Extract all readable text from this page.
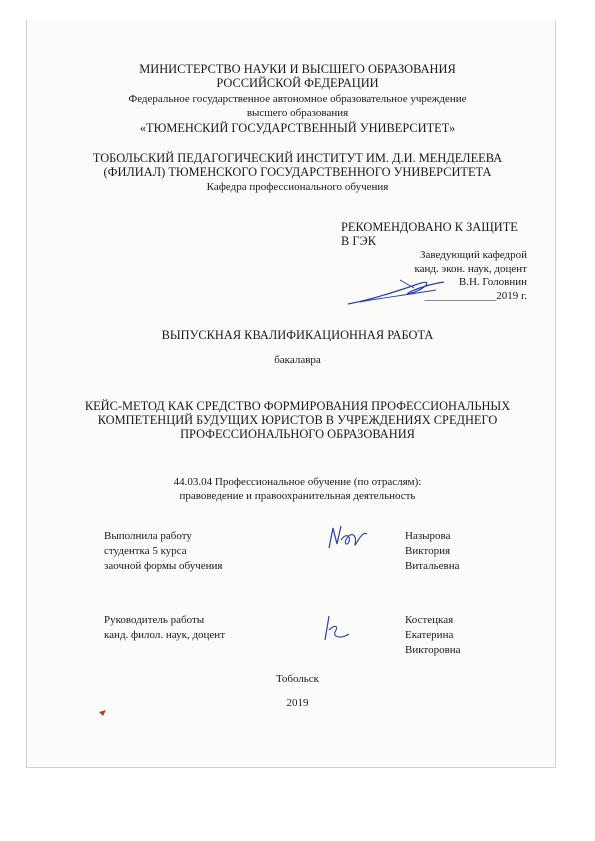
МИНИСТЕРСТВО НАУКИ И ВЫСШЕГО ОБРАЗОВАНИЯ
РОССИЙСКОЙ ФЕДЕРАЦИИ
Федеральное государственное автономное образовательное учреждение
высшего образования
«ТЮМЕНСКИЙ ГОСУДАРСТВЕННЫЙ УНИВЕРСИТЕТ»
ТОБОЛЬСКИЙ ПЕДАГОГИЧЕСКИЙ ИНСТИТУТ ИМ. Д.И. МЕНДЕЛЕЕВА
(ФИЛИАЛ) ТЮМЕНСКОГО ГОСУДАРСТВЕННОГО УНИВЕРСИТЕТА
Кафедра профессионального обучения
РЕКОМЕНДОВАНО К ЗАЩИТЕ
В ГЭК
Заведующий кафедрой
канд. экон. наук, доцент
В.Н. Головнин
_____________2019 г.
ВЫПУСКНАЯ КВАЛИФИКАЦИОННАЯ РАБОТА
бакалавра
КЕЙС-МЕТОД КАК СРЕДСТВО ФОРМИРОВАНИЯ ПРОФЕССИОНАЛЬНЫХ
КОМПЕТЕНЦИЙ БУДУЩИХ ЮРИСТОВ В УЧРЕЖДЕНИЯХ СРЕДНЕГО
ПРОФЕССИОНАЛЬНОГО ОБРАЗОВАНИЯ
44.03.04 Профессиональное обучение (по отраслям):
правоведение и правоохранительная деятельность
Выполнила работу
студентка 5 курса
заочной формы обучения
Назырова
Виктория
Витальевна
Руководитель работы
канд. филол. наук, доцент
Костецкая
Екатерина
Викторовна
Тобольск
2019
